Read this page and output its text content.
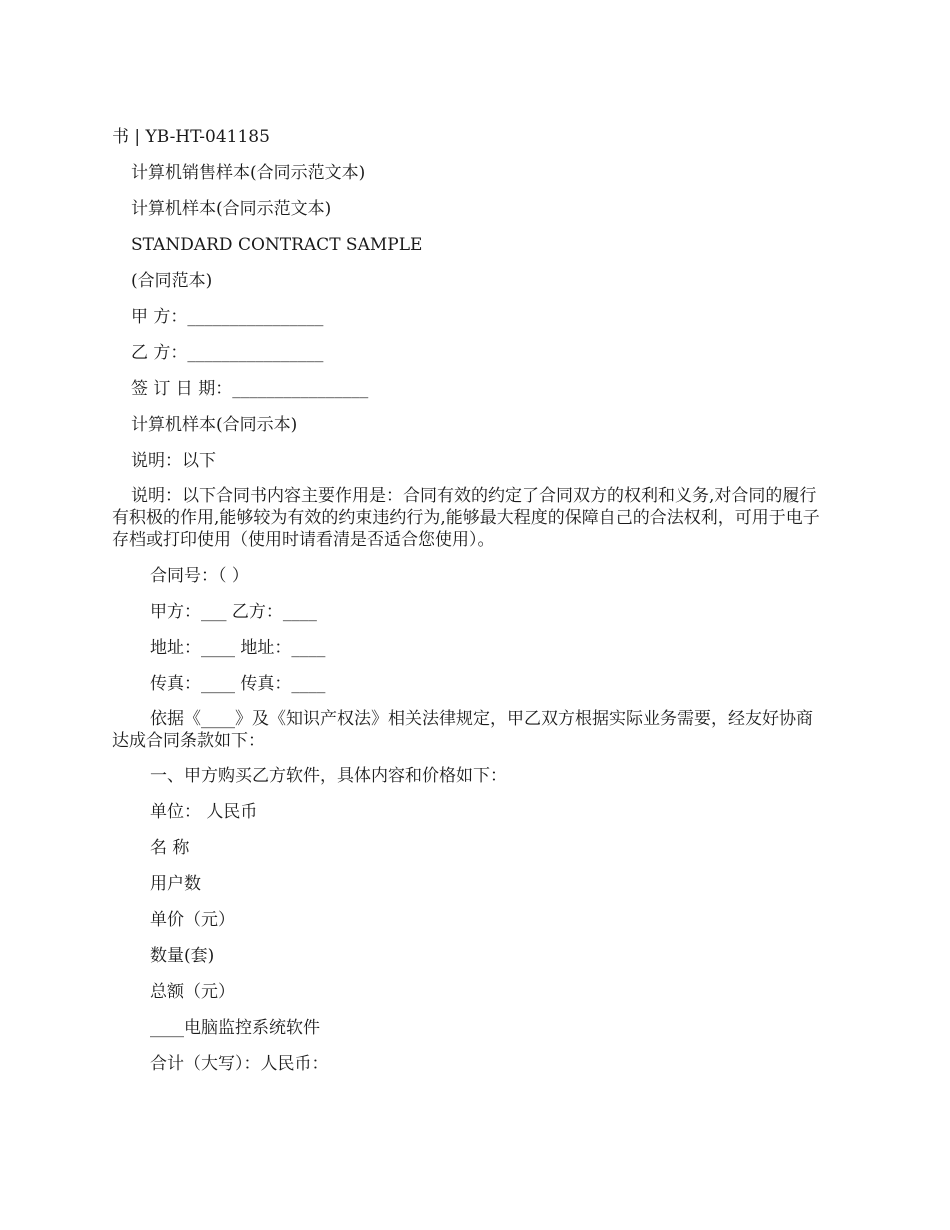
书 | YB-HT-041185
计算机销售样本(合同示范文本)
计算机样本(合同示范文本)
STANDARD CONTRACT SAMPLE
(合同范本)
甲 方：________________
乙 方：________________
签 订 日 期：________________
计算机样本(合同示本)
说明：以下
说明：以下合同书内容主要作用是：合同有效的约定了合同双方的权利和义务,对合同的履行有积极的作用,能够较为有效的约束违约行为,能够最大程度的保障自己的合法权利，可用于电子存档或打印使用（使用时请看清是否适合您使用）。
合同号：（ ）
甲方：___ 乙方：____
地址：____ 地址：____
传真：____ 传真：____
依据《____》及《知识产权法》相关法律规定，甲乙双方根据实际业务需要，经友好协商达成合同条款如下：
一、甲方购买乙方软件，具体内容和价格如下：
单位： 人民币
名 称
用户数
单价（元）
数量(套)
总额（元）
____电脑监控系统软件
合计（大写）：人民币：
